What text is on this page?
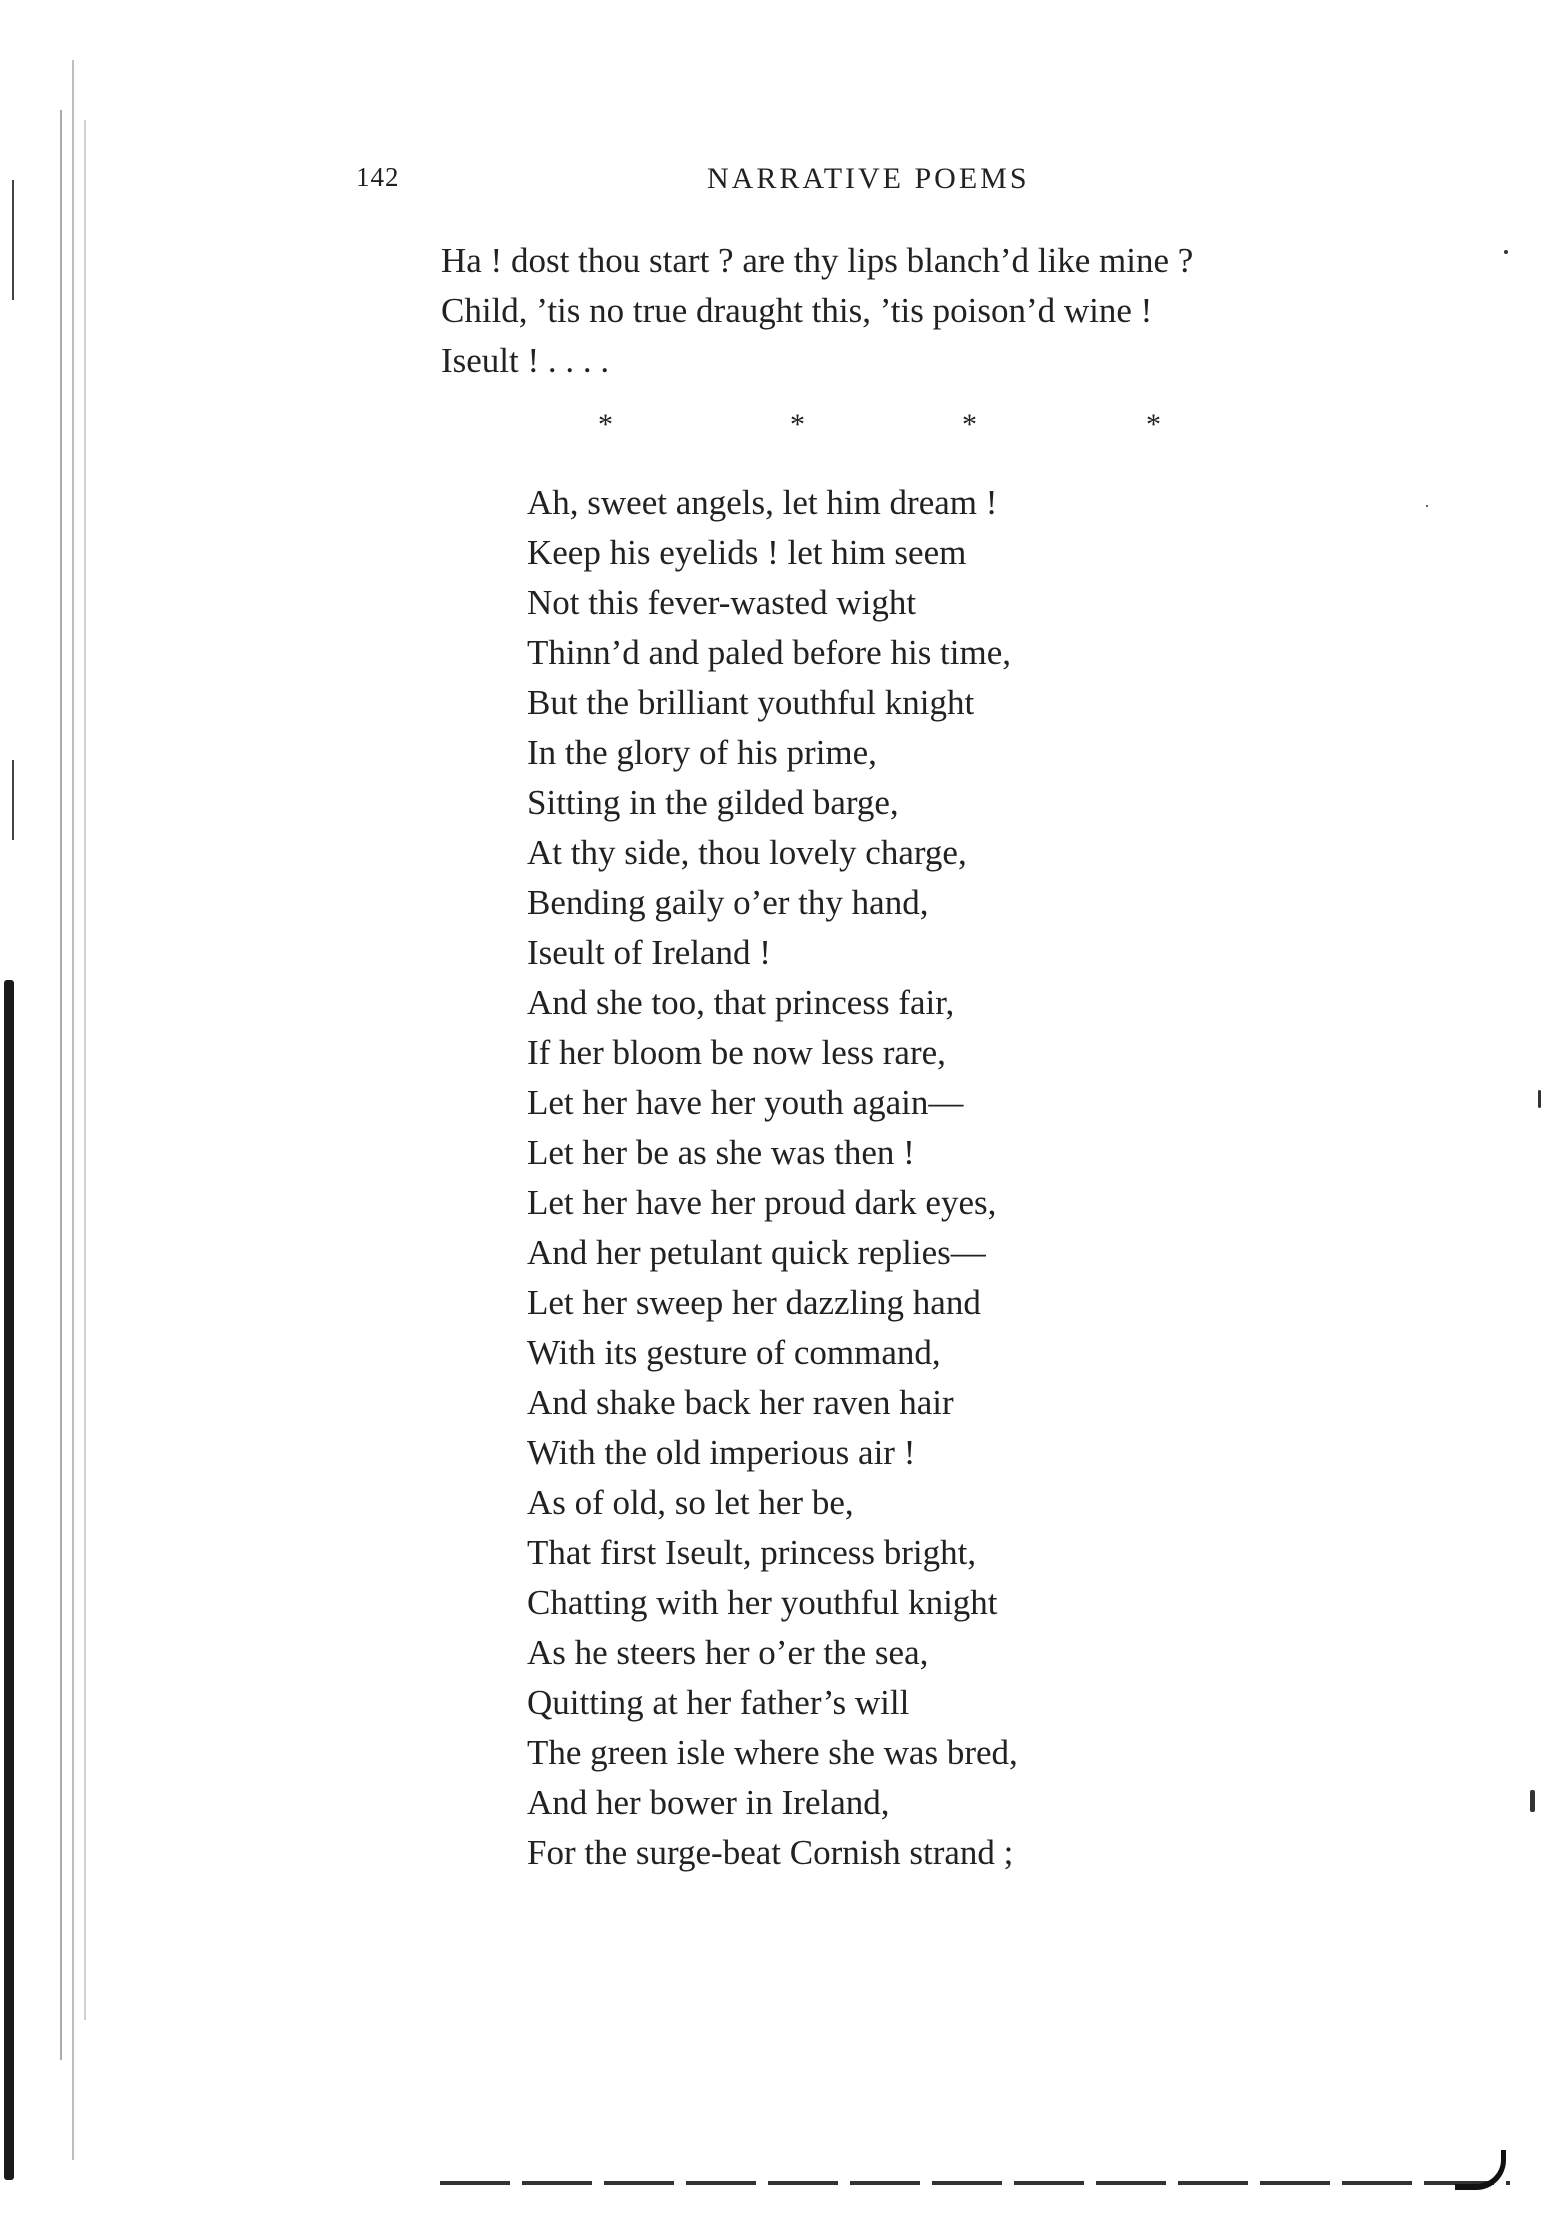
142	NARRATIVE POEMS
Ha ! dost thou start ? are thy lips blanch’d like mine ?
Child, ’tis no true draught this, ’tis poison’d wine !
Iseult ! . . . .
*	*	*	*
Ah, sweet angels, let him dream !
Keep his eyelids ! let him seem
Not this fever-wasted wight
Thinn’d and paled before his time,
But the brilliant youthful knight
In the glory of his prime,
Sitting in the gilded barge,
At thy side, thou lovely charge,
Bending gaily o’er thy hand,
Iseult of Ireland !
And she too, that princess fair,
If her bloom be now less rare,
Let her have her youth again—
Let her be as she was then !
Let her have her proud dark eyes,
And her petulant quick replies—
Let her sweep her dazzling hand
With its gesture of command,
And shake back her raven hair
With the old imperious air !
As of old, so let her be,
That first Iseult, princess bright,
Chatting with her youthful knight
As he steers her o’er the sea,
Quitting at her father’s will
The green isle where she was bred,
And her bower in Ireland,
For the surge-beat Cornish strand ;
